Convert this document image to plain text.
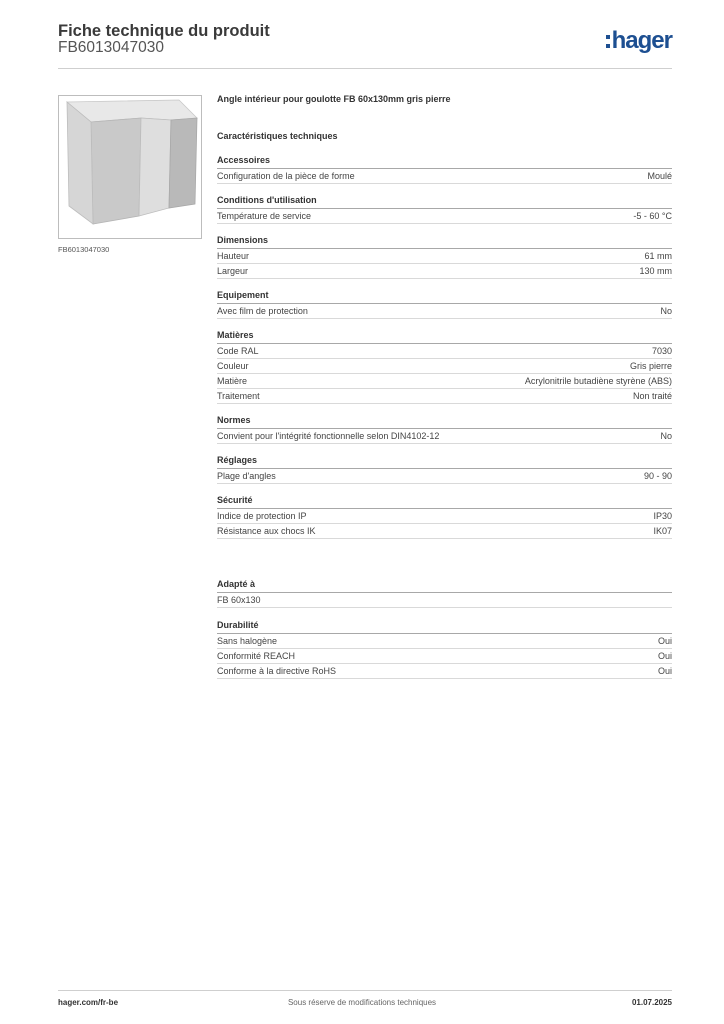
Fiche technique du produit
FB6013047030	hager
FB6013047030
Angle intérieur pour goulotte FB 60x130mm gris pierre
Caractéristiques techniques
Accessoires
Configuration de la pièce de forme	Moulé
Conditions d'utilisation
Température de service	-5 - 60 °C
Dimensions
Hauteur	61 mm
Largeur	130 mm
Equipement
Avec film de protection	No
Matières
Code RAL	7030
Couleur	Gris pierre
Matière	Acrylonitrile butadiène styrène (ABS)
Traitement	Non traité
Normes
Convient pour l'intégrité fonctionnelle selon DIN4102-12	No
Réglages
Plage d'angles	90 - 90
Sécurité
Indice de protection IP	IP30
Résistance aux chocs IK	IK07
Adapté à
FB 60x130
Durabilité
Sans halogène	Oui
Conformité REACH	Oui
Conforme à la directive RoHS	Oui
hager.com/fr-be	Sous réserve de modifications techniques	01.07.2025
